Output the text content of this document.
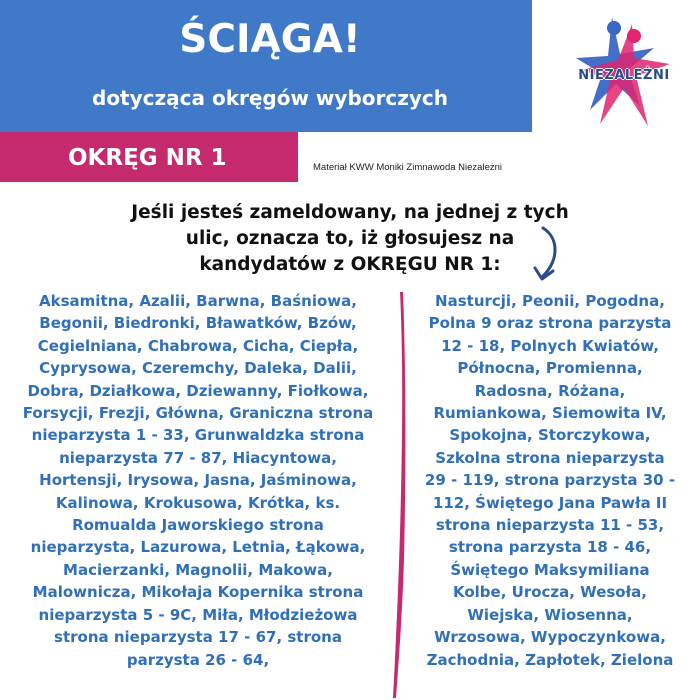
ŚCIĄGA!
dotycząca okręgów wyborczych
OKRĘG NR 1	Materiał KWW Moniki Zimnawoda Niezależni
NIEZALEŻNI
Jeśli jesteś zameldowany, na jednej z tych
ulic, oznacza to, iż głosujesz na
kandydatów z OKRĘGU NR 1:
Aksamitna, Azalii, Barwna, Baśniowa,
Begonii, Biedronki, Bławatków, Bzów,
Cegielniana, Chabrowa, Cicha, Ciepła,
Cyprysowa, Czeremchy, Daleka, Dalii,
Dobra, Działkowa, Dziewanny, Fiołkowa,
Forsycji, Frezji, Główna, Graniczna strona
nieparzysta 1 - 33, Grunwaldzka strona
nieparzysta 77 - 87, Hiacyntowa,
Hortensji, Irysowa, Jasna, Jaśminowa,
Kalinowa, Krokusowa, Krótka, ks.
Romualda Jaworskiego strona
nieparzysta, Lazurowa, Letnia, Łąkowa,
Macierzanki, Magnolii, Makowa,
Malownicza, Mikołaja Kopernika strona
nieparzysta 5 - 9C, Miła, Młodzieżowa
strona nieparzysta 17 - 67, strona
parzysta 26 - 64,
Nasturcji, Peonii, Pogodna,
Polna 9 oraz strona parzysta
12 - 18, Polnych Kwiatów,
Północna, Promienna,
Radosna, Różana,
Rumiankowa, Siemowita IV,
Spokojna, Storczykowa,
Szkolna strona nieparzysta
29 - 119, strona parzysta 30 -
112, Świętego Jana Pawła II
strona nieparzysta 11 - 53,
strona parzysta 18 - 46,
Świętego Maksymiliana
Kolbe, Urocza, Wesoła,
Wiejska, Wiosenna,
Wrzosowa, Wypoczynkowa,
Zachodnia, Zapłotek, Zielona
